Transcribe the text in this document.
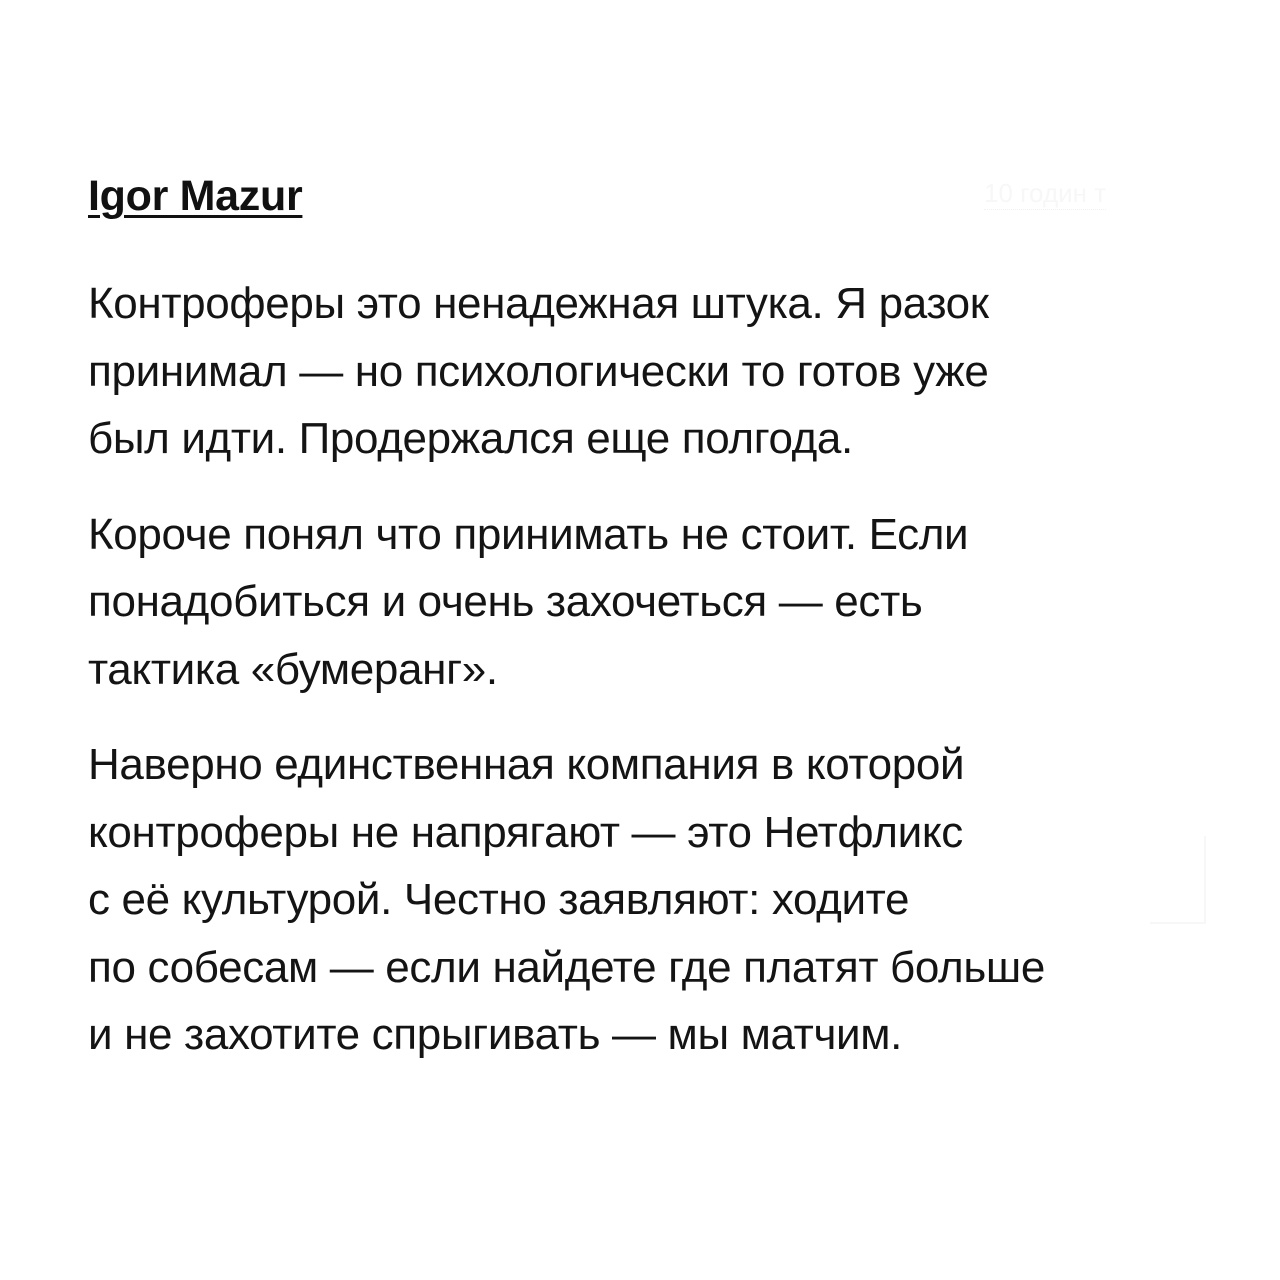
Igor Mazur	10 годин т

Контроферы это ненадежная штука. Я разок
принимал — но психологически то готов уже
был идти. Продержался еще полгода.

Короче понял что принимать не стоит. Если
понадобиться и очень захочеться — есть
тактика «бумеранг».

Наверно единственная компания в которой
контроферы не напрягают — это Нетфликс
с её культурой. Честно заявляют: ходите
по собесам — если найдете где платят больше
и не захотите спрыгивать — мы матчим.
